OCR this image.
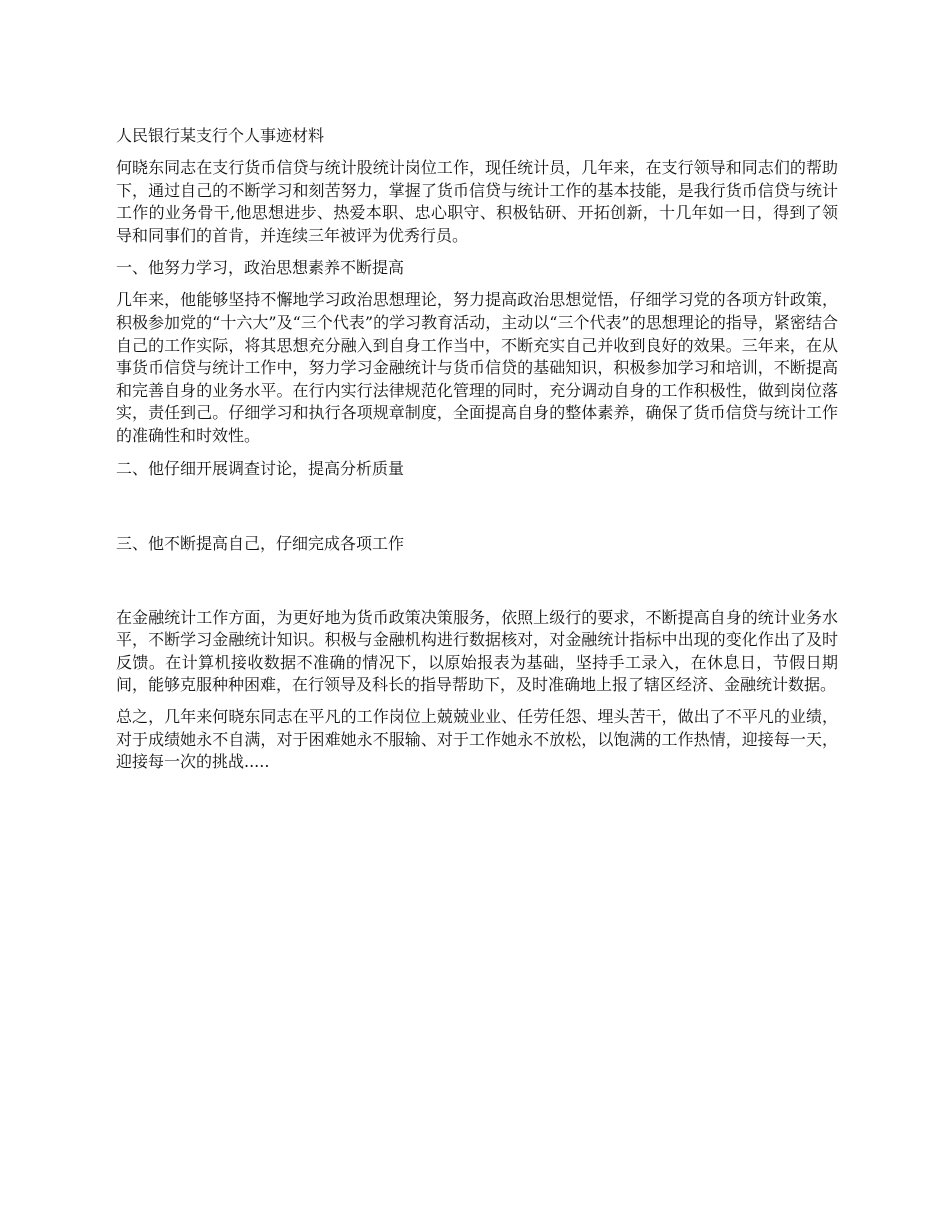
人民银行某支行个人事迹材料
何晓东同志在支行货币信贷与统计股统计岗位工作，现任统计员，几年来，在支行领导和同志们的帮助下，通过自己的不断学习和刻苦努力，掌握了货币信贷与统计工作的基本技能，是我行货币信贷与统计工作的业务骨干,他思想进步、热爱本职、忠心职守、积极钻研、开拓创新，十几年如一日，得到了领导和同事们的首肯，并连续三年被评为优秀行员。
一、他努力学习，政治思想素养不断提高
几年来，他能够坚持不懈地学习政治思想理论，努力提高政治思想觉悟，仔细学习党的各项方针政策，积极参加党的“十六大”及“三个代表”的学习教育活动，主动以“三个代表”的思想理论的指导，紧密结合自己的工作实际，将其思想充分融入到自身工作当中，不断充实自己并收到良好的效果。三年来，在从事货币信贷与统计工作中，努力学习金融统计与货币信贷的基础知识，积极参加学习和培训，不断提高和完善自身的业务水平。在行内实行法律规范化管理的同时，充分调动自身的工作积极性，做到岗位落实，责任到己。仔细学习和执行各项规章制度，全面提高自身的整体素养，确保了货币信贷与统计工作的准确性和时效性。
二、他仔细开展调查讨论，提高分析质量
三、他不断提高自己，仔细完成各项工作
在金融统计工作方面，为更好地为货币政策决策服务，依照上级行的要求，不断提高自身的统计业务水平，不断学习金融统计知识。积极与金融机构进行数据核对，对金融统计指标中出现的变化作出了及时反馈。在计算机接收数据不准确的情况下，以原始报表为基础，坚持手工录入，在休息日，节假日期间，能够克服种种困难，在行领导及科长的指导帮助下，及时准确地上报了辖区经济、金融统计数据。
总之，几年来何晓东同志在平凡的工作岗位上兢兢业业、任劳任怨、埋头苦干，做出了不平凡的业绩，对于成绩她永不自满，对于困难她永不服输、对于工作她永不放松，以饱满的工作热情，迎接每一天，迎接每一次的挑战.....
